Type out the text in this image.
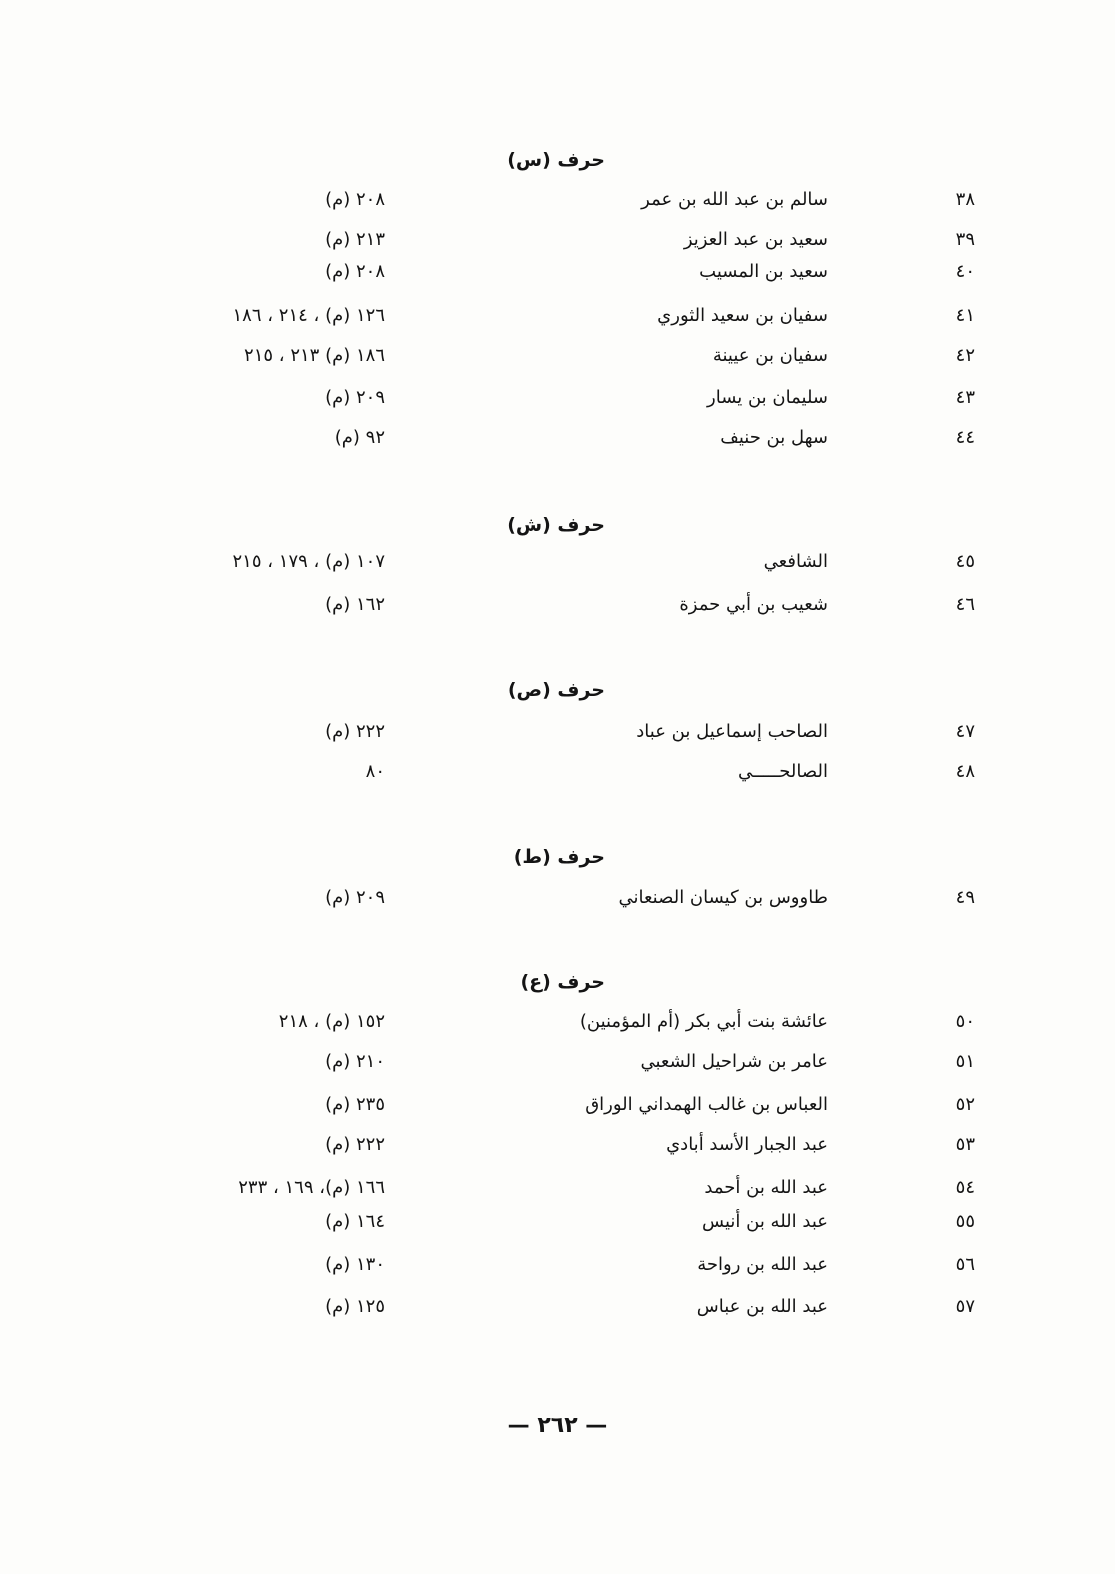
حرف (س)
٣٨
سالم بن عبد الله بن عمر
٢٠٨ (م)
٣٩
سعيد بن عبد العزيز
٢١٣ (م)
٤٠
سعيد بن المسيب
٢٠٨ (م)
٤١
سفيان بن سعيد الثوري
١٢٦ (م) ، ٢١٤ ، ١٨٦
٤٢
سفيان بن عيينة
١٨٦ (م) ٢١٣ ، ٢١٥
٤٣
سليمان بن يسار
٢٠٩ (م)
٤٤
سهل بن حنيف
٩٢ (م)
حرف (ش)
٤٥
الشافعي
١٠٧ (م) ، ١٧٩ ، ٢١٥
٤٦
شعيب بن أبي حمزة
١٦٢ (م)
حرف (ص)
٤٧
الصاحب إسماعيل بن عباد
٢٢٢ (م)
٤٨
الصالحـــــي
٨٠
حرف (ط)
٤٩
طاووس بن كيسان الصنعاني
٢٠٩ (م)
حرف (ع)
٥٠
عائشة بنت أبي بكر (أم المؤمنين)
١٥٢ (م) ، ٢١٨
٥١
عامر بن شراحيل الشعبي
٢١٠ (م)
٥٢
العباس بن غالب الهمداني الوراق
٢٣٥ (م)
٥٣
عبد الجبار الأسد أبادي
٢٢٢ (م)
٥٤
عبد الله بن أحمد
١٦٦ (م)، ١٦٩ ، ٢٣٣
٥٥
عبد الله بن أنيس
١٦٤ (م)
٥٦
عبد الله بن رواحة
١٣٠ (م)
٥٧
عبد الله بن عباس
١٢٥ (م)
— ٢٦٢ —
